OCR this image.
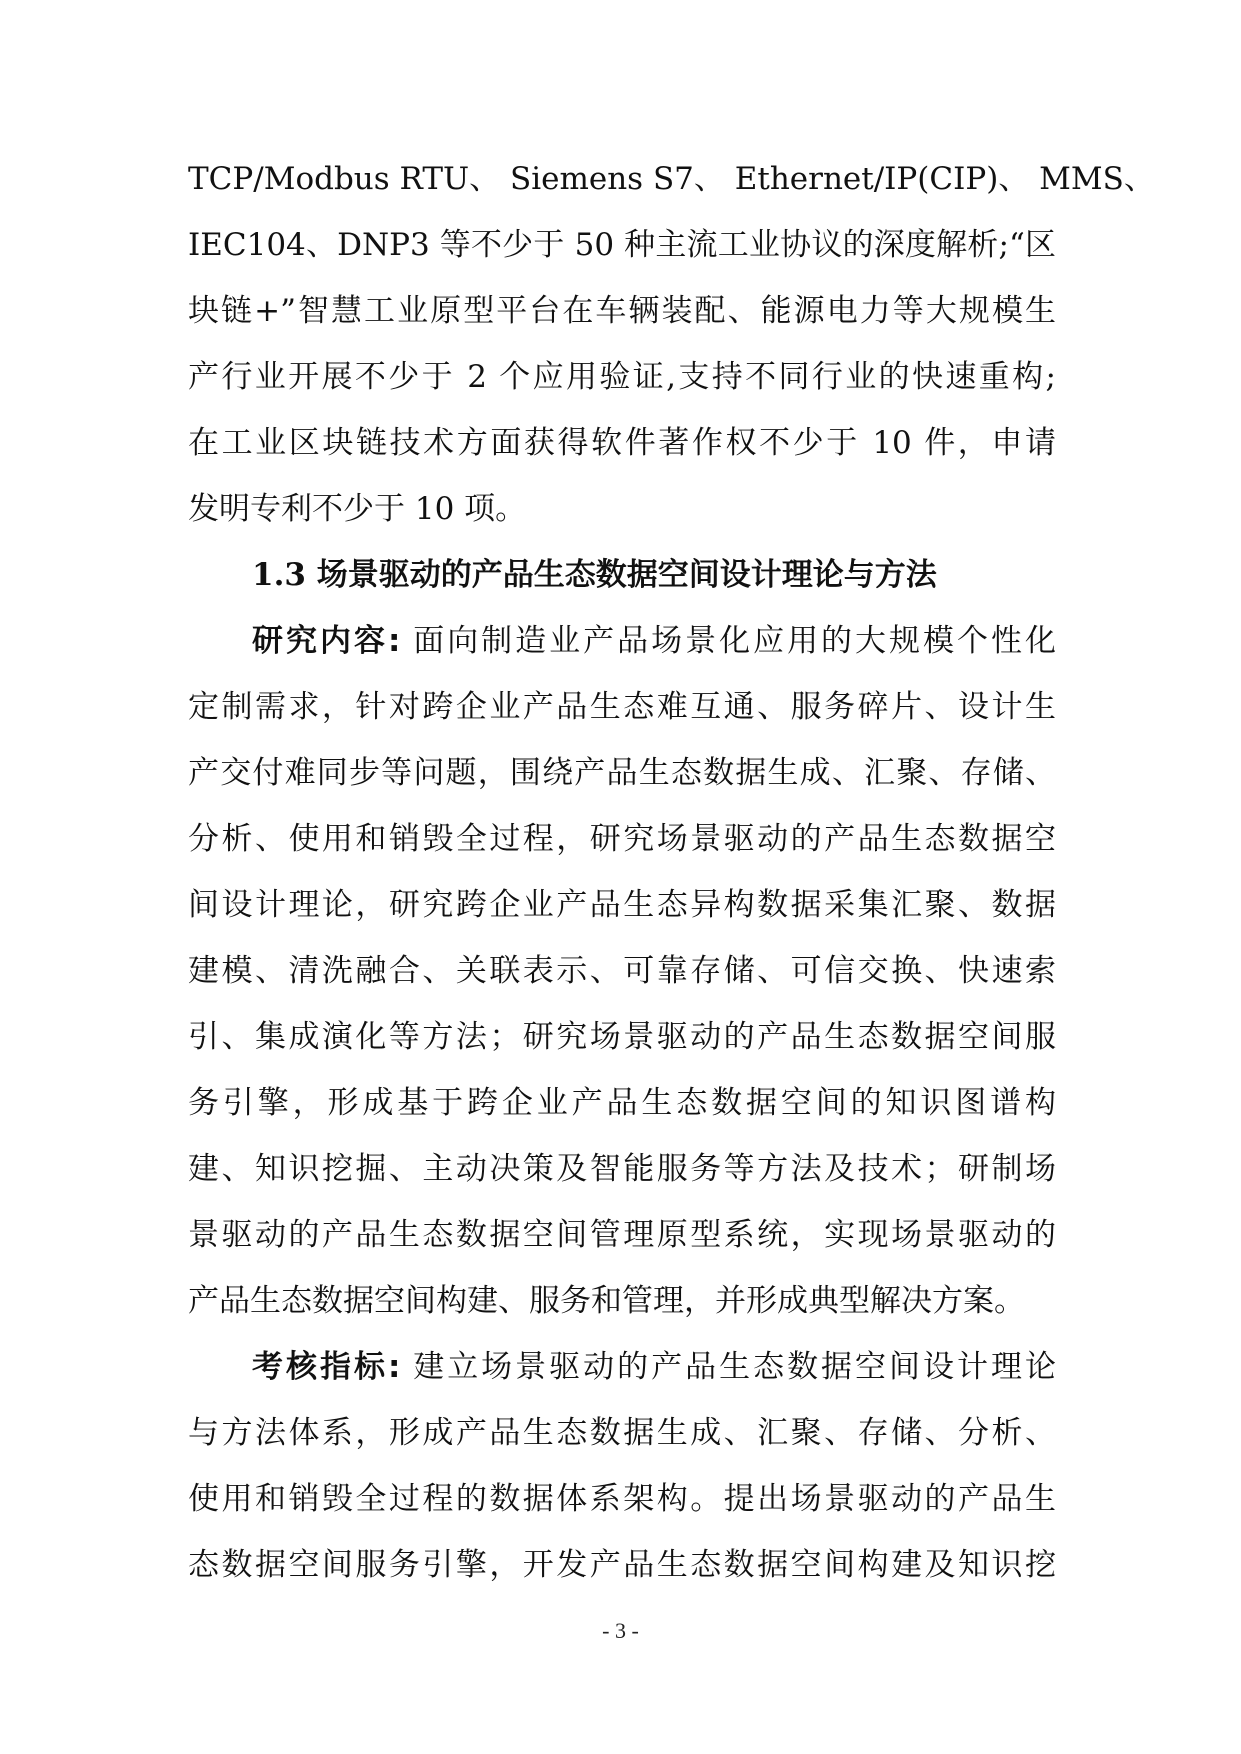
TCP/Modbus RTU、 Siemens S7、 Ethernet/IP(CIP)、 MMS、
IEC104、DNP3 等不少于 50 种主流工业协议的深度解析;“区
块链+”智慧工业原型平台在车辆装配、能源电力等大规模生
产行业开展不少于 2 个应用验证,支持不同行业的快速重构;
在工业区块链技术方面获得软件著作权不少于 10 件，申请
发明专利不少于 10 项。
1.3 场景驱动的产品生态数据空间设计理论与方法
研究内容: 面向制造业产品场景化应用的大规模个性化
定制需求，针对跨企业产品生态难互通、服务碎片、设计生
产交付难同步等问题，围绕产品生态数据生成、汇聚、存储、
分析、使用和销毁全过程，研究场景驱动的产品生态数据空
间设计理论，研究跨企业产品生态异构数据采集汇聚、数据
建模、清洗融合、关联表示、可靠存储、可信交换、快速索
引、集成演化等方法；研究场景驱动的产品生态数据空间服
务引擎，形成基于跨企业产品生态数据空间的知识图谱构
建、知识挖掘、主动决策及智能服务等方法及技术；研制场
景驱动的产品生态数据空间管理原型系统，实现场景驱动的
产品生态数据空间构建、服务和管理，并形成典型解决方案。
考核指标: 建立场景驱动的产品生态数据空间设计理论
与方法体系，形成产品生态数据生成、汇聚、存储、分析、
使用和销毁全过程的数据体系架构。提出场景驱动的产品生
态数据空间服务引擎，开发产品生态数据空间构建及知识挖
- 3 -
